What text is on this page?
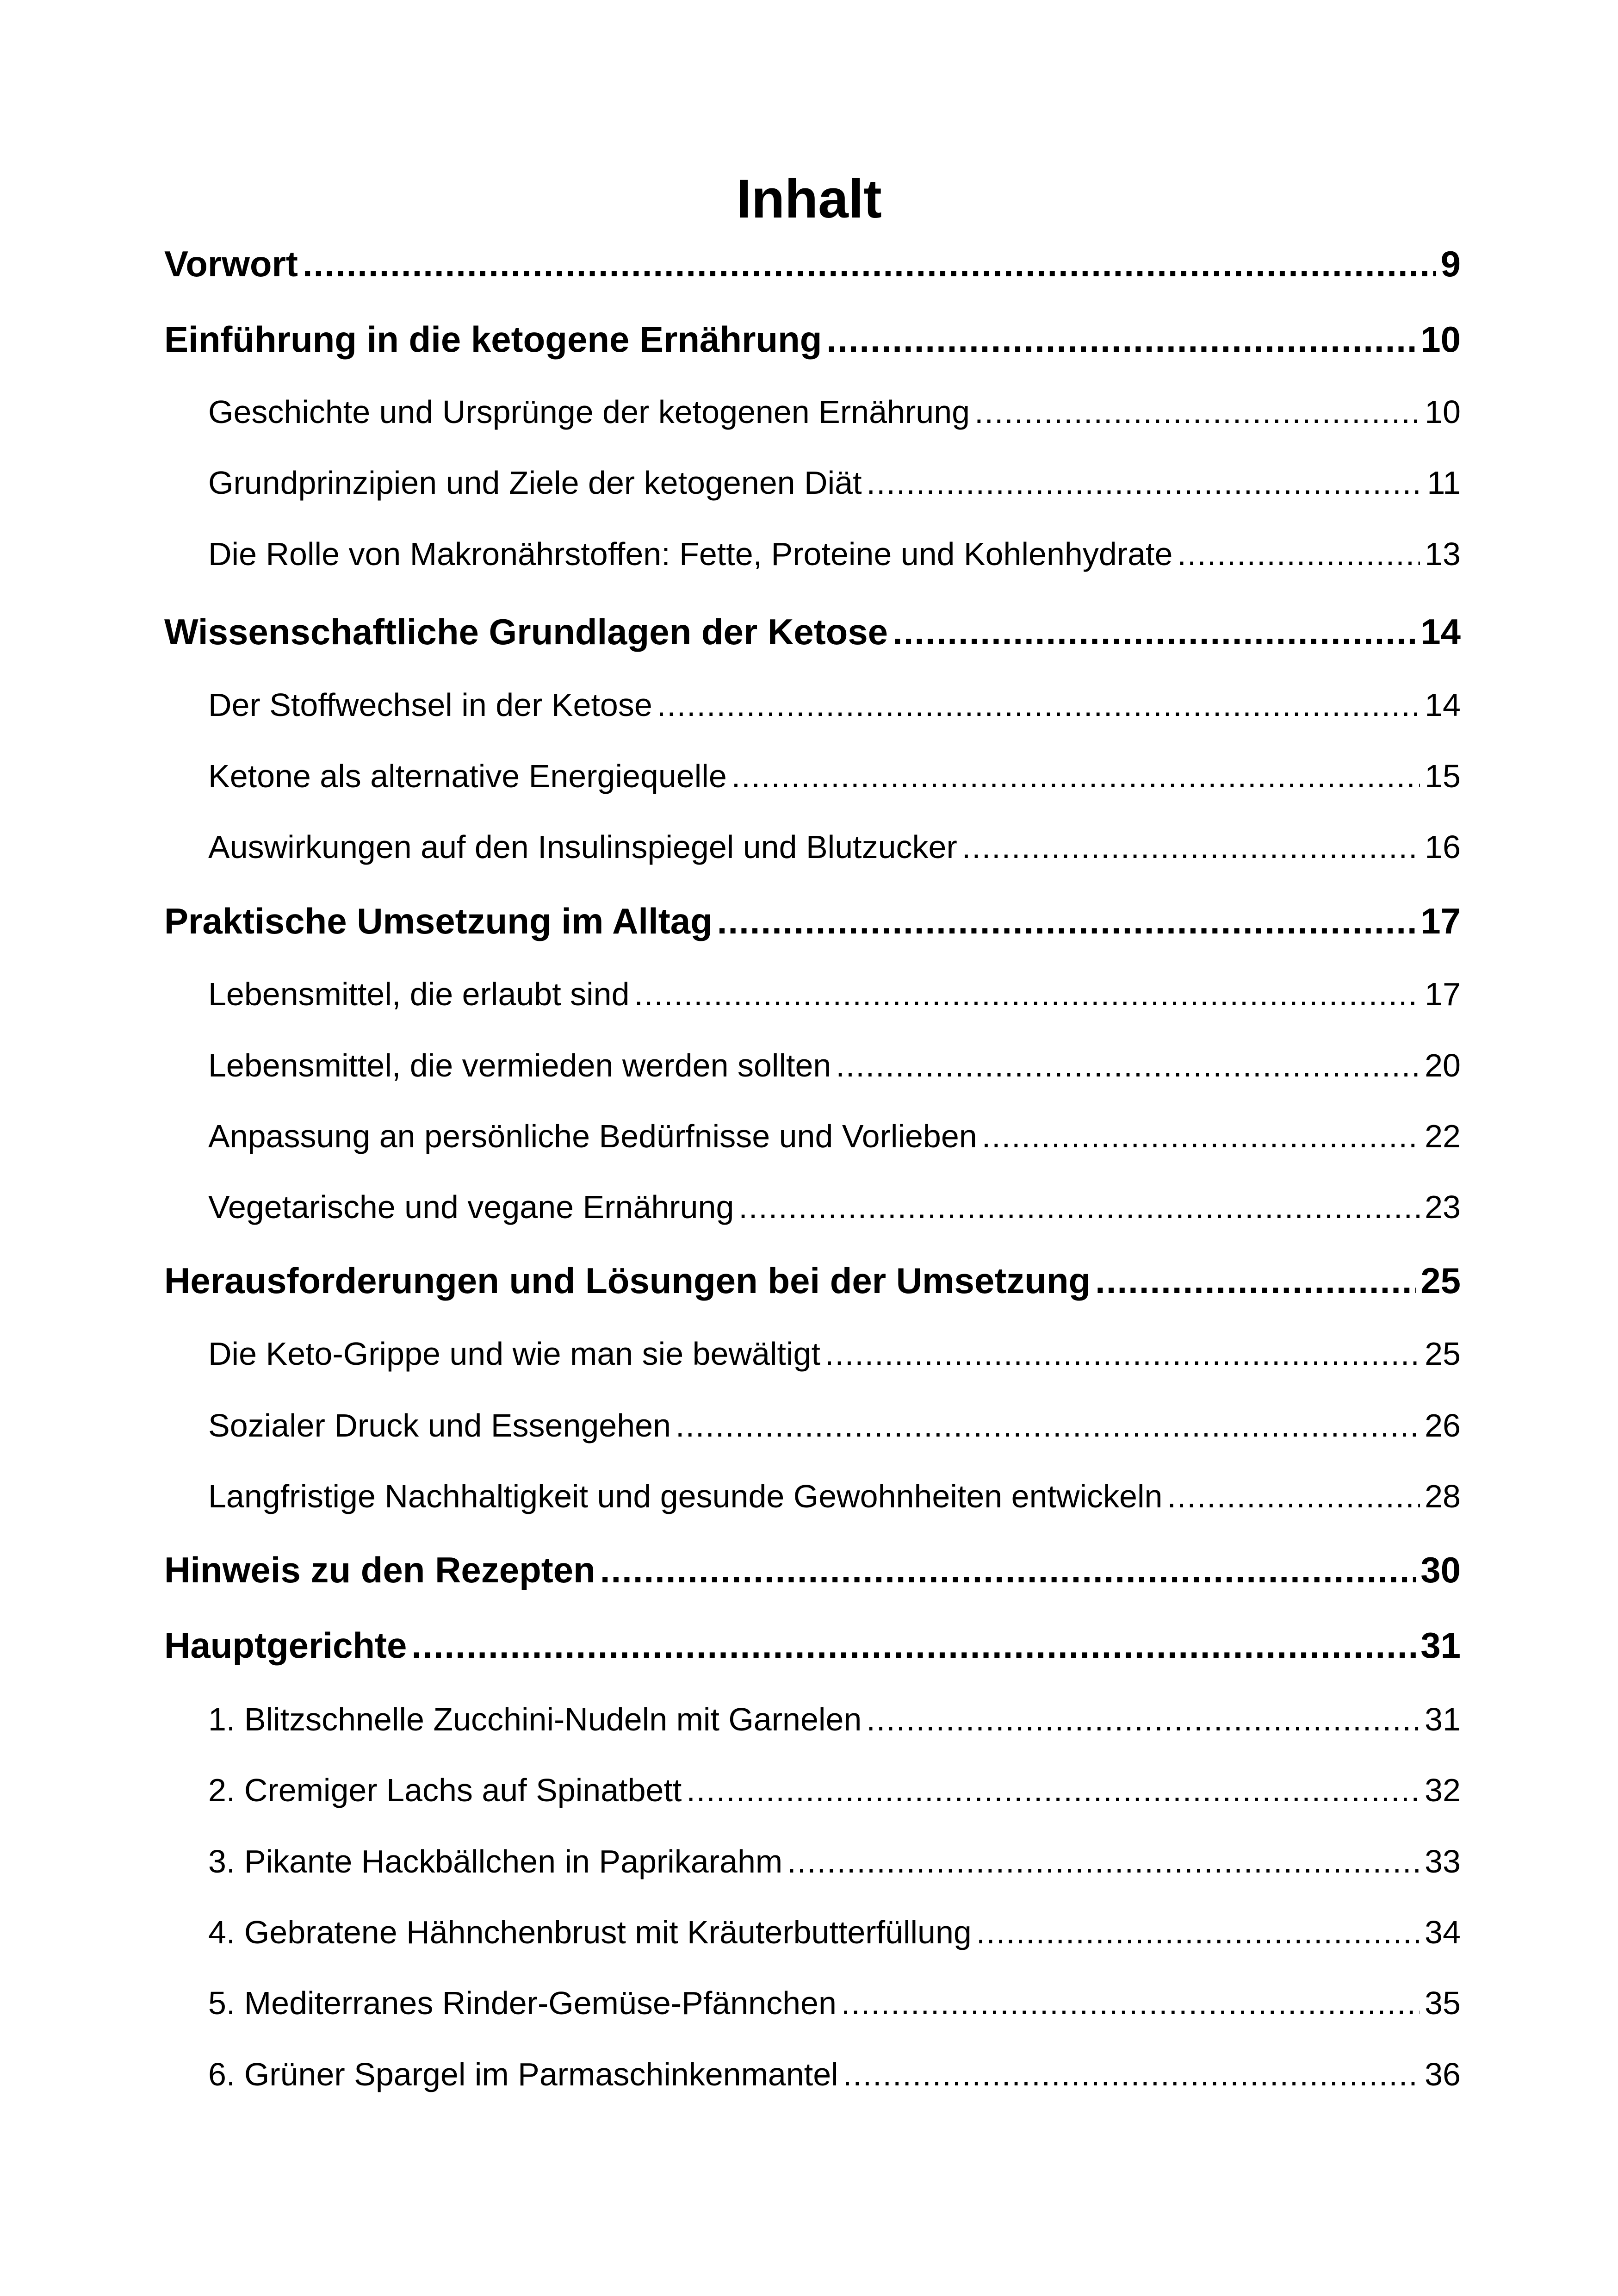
Inhalt
Vorwort .....	9
Einführung in die ketogene Ernährung .....	10
Geschichte und Ursprünge der ketogenen Ernährung .....	10
Grundprinzipien und Ziele der ketogenen Diät .....	11
Die Rolle von Makronährstoffen: Fette, Proteine und Kohlenhydrate .....	13
Wissenschaftliche Grundlagen der Ketose .....	14
Der Stoffwechsel in der Ketose .....	14
Ketone als alternative Energiequelle .....	15
Auswirkungen auf den Insulinspiegel und Blutzucker .....	16
Praktische Umsetzung im Alltag .....	17
Lebensmittel, die erlaubt sind .....	17
Lebensmittel, die vermieden werden sollten .....	20
Anpassung an persönliche Bedürfnisse und Vorlieben .....	22
Vegetarische und vegane Ernährung .....	23
Herausforderungen und Lösungen bei der Umsetzung .....	25
Die Keto-Grippe und wie man sie bewältigt .....	25
Sozialer Druck und Essengehen .....	26
Langfristige Nachhaltigkeit und gesunde Gewohnheiten entwickeln .....	28
Hinweis zu den Rezepten .....	30
Hauptgerichte .....	31
1. Blitzschnelle Zucchini-Nudeln mit Garnelen .....	31
2. Cremiger Lachs auf Spinatbett .....	32
3. Pikante Hackbällchen in Paprikarahm .....	33
4. Gebratene Hähnchenbrust mit Kräuterbutterfüllung .....	34
5. Mediterranes Rinder-Gemüse-Pfännchen .....	35
6. Grüner Spargel im Parmaschinkenmantel .....	36
